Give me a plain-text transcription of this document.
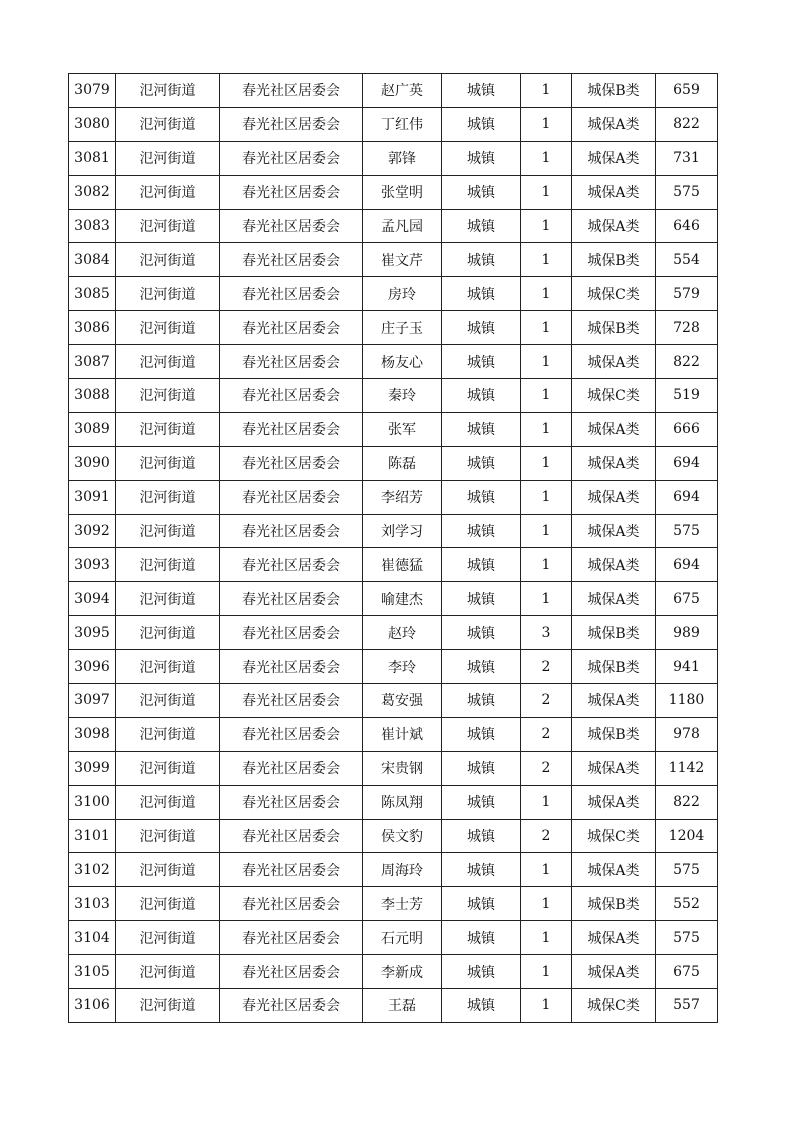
3079	氾河街道	春光社区居委会	赵广英	城镇	1	城保B类	659
3080	氾河街道	春光社区居委会	丁红伟	城镇	1	城保A类	822
3081	氾河街道	春光社区居委会	郭锋	城镇	1	城保A类	731
3082	氾河街道	春光社区居委会	张堂明	城镇	1	城保A类	575
3083	氾河街道	春光社区居委会	孟凡园	城镇	1	城保A类	646
3084	氾河街道	春光社区居委会	崔文芹	城镇	1	城保B类	554
3085	氾河街道	春光社区居委会	房玲	城镇	1	城保C类	579
3086	氾河街道	春光社区居委会	庄子玉	城镇	1	城保B类	728
3087	氾河街道	春光社区居委会	杨友心	城镇	1	城保A类	822
3088	氾河街道	春光社区居委会	秦玲	城镇	1	城保C类	519
3089	氾河街道	春光社区居委会	张军	城镇	1	城保A类	666
3090	氾河街道	春光社区居委会	陈磊	城镇	1	城保A类	694
3091	氾河街道	春光社区居委会	李绍芳	城镇	1	城保A类	694
3092	氾河街道	春光社区居委会	刘学习	城镇	1	城保A类	575
3093	氾河街道	春光社区居委会	崔德猛	城镇	1	城保A类	694
3094	氾河街道	春光社区居委会	喻建杰	城镇	1	城保A类	675
3095	氾河街道	春光社区居委会	赵玲	城镇	3	城保B类	989
3096	氾河街道	春光社区居委会	李玲	城镇	2	城保B类	941
3097	氾河街道	春光社区居委会	葛安强	城镇	2	城保A类	1180
3098	氾河街道	春光社区居委会	崔计斌	城镇	2	城保B类	978
3099	氾河街道	春光社区居委会	宋贵钢	城镇	2	城保A类	1142
3100	氾河街道	春光社区居委会	陈凤翔	城镇	1	城保A类	822
3101	氾河街道	春光社区居委会	侯文豹	城镇	2	城保C类	1204
3102	氾河街道	春光社区居委会	周海玲	城镇	1	城保A类	575
3103	氾河街道	春光社区居委会	李士芳	城镇	1	城保B类	552
3104	氾河街道	春光社区居委会	石元明	城镇	1	城保A类	575
3105	氾河街道	春光社区居委会	李新成	城镇	1	城保A类	675
3106	氾河街道	春光社区居委会	王磊	城镇	1	城保C类	557
